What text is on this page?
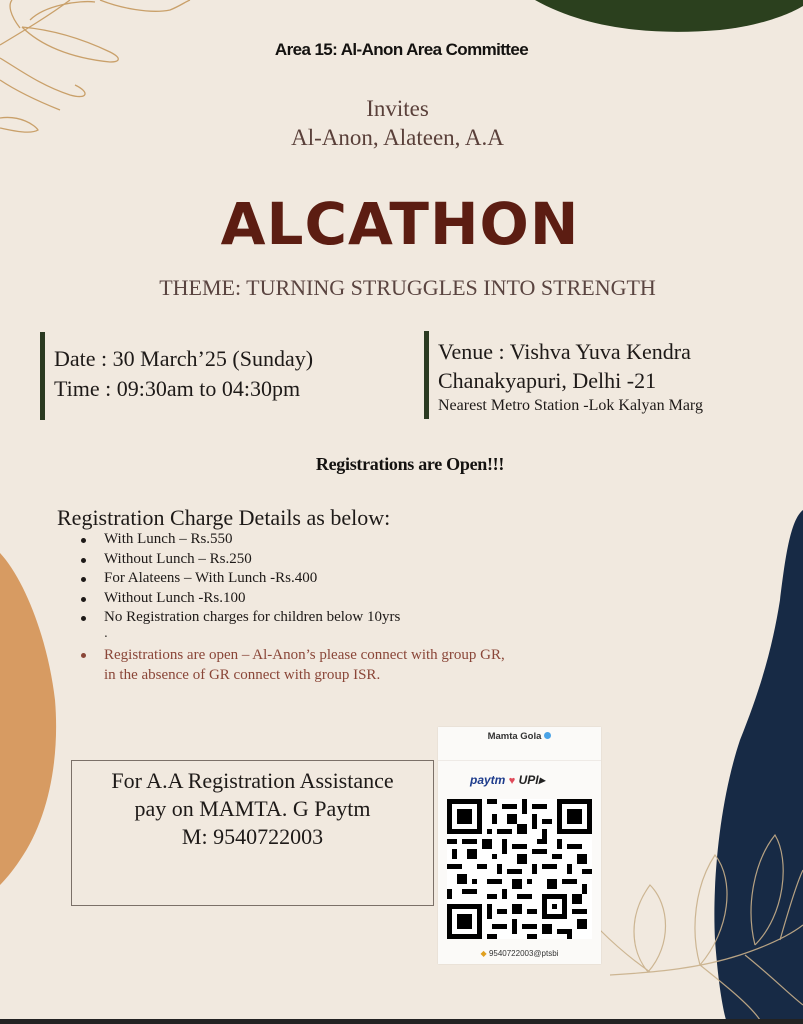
Area 15: Al-Anon Area Committee
Invites
Al-Anon, Alateen, A.A
ALCATHON
THEME: TURNING STRUGGLES INTO STRENGTH
Date : 30 March’25 (Sunday)
Time : 09:30am to 04:30pm
Venue : Vishva Yuva Kendra
Chanakyapuri, Delhi -21
Nearest Metro Station -Lok Kalyan Marg
Registrations are Open!!!
Registration Charge Details as below:
With Lunch – Rs.550
Without Lunch – Rs.250
For Alateens – With Lunch -Rs.400
Without Lunch -Rs.100
No Registration charges for children below 10yrs
.
Registrations are open – Al-Anon’s please connect with group GR,
in the absence of GR connect with group ISR.
For A.A Registration Assistance
pay on MAMTA. G Paytm
M: 9540722003
Mamta Gola
paytm ♥ UPI▸
◆ 9540722003@ptsbi
